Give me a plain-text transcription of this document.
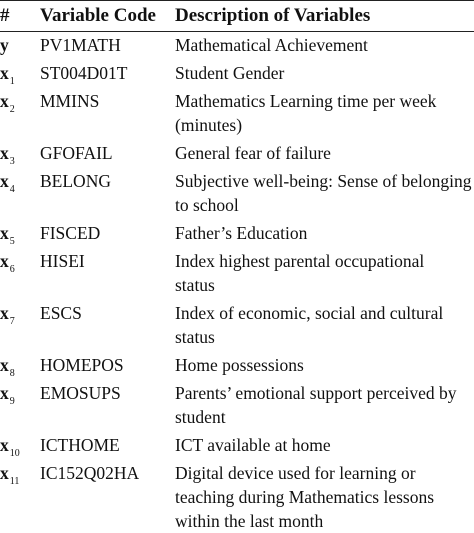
# Variable Code Description of Variables
y PV1MATH	Mathematical Achievement
$x_1$ ST004D01T	Student Gender
$x_2$ MMINS	Mathematics Learning time per week
(minutes)
$x_3$ GFOFAIL	General fear of failure
$x_4$ BELONG	Subjective well-being: Sense of belonging
to school
$x_5$ FISCED	Father’s Education
$x_6$ HISEI	Index highest parental occupational
status
$x_7$ ESCS	Index of economic, social and cultural
status
$x_8$ HOMEPOS	Home possessions
$x_9$ EMOSUPS	Parents’ emotional support perceived by
student
$x_{10}$ ICTHOME	ICT available at home
$x_{11}$ IC152Q02HA Digital device used for learning or
teaching during Mathematics lessons
within the last month
